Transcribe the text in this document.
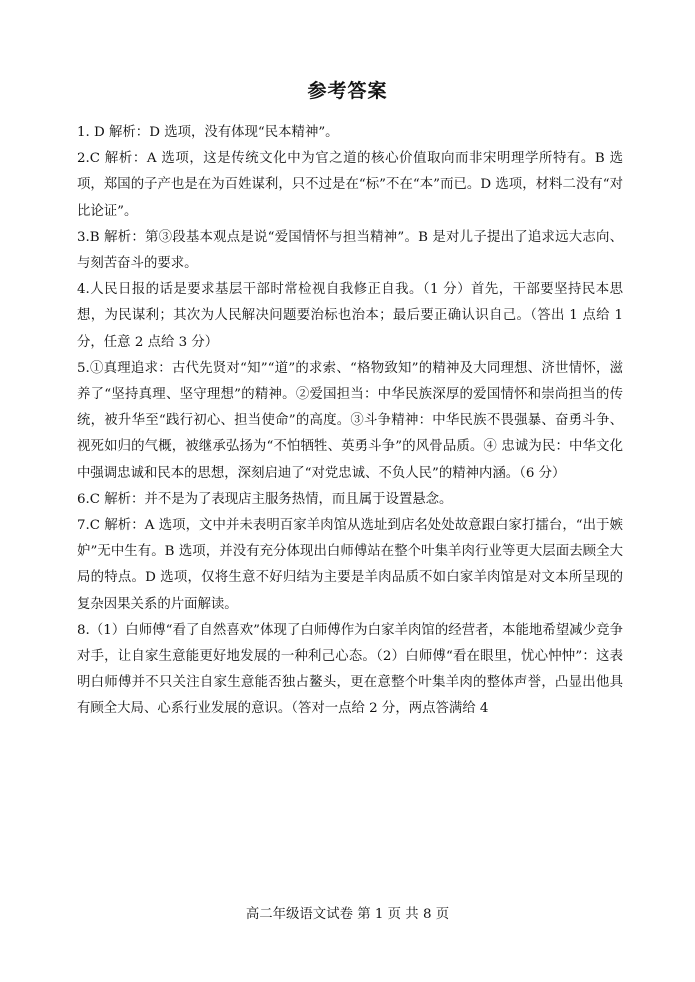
参考答案

1. D 解析：D 选项，没有体现“民本精神”。

2.C 解析：A 选项，这是传统文化中为官之道的核心价值取向而非宋明理学所特有。B 选项，郑国的子产也是在为百姓谋利，只不过是在“标”不在“本”而已。D 选项，材料二没有“对比论证”。

3.B 解析：第③段基本观点是说“爱国情怀与担当精神”。B 是对儿子提出了追求远大志向、与刻苦奋斗的要求。

4.人民日报的话是要求基层干部时常检视自我修正自我。（1 分）首先，干部要坚持民本思想，为民谋利；其次为人民解决问题要治标也治本；最后要正确认识自己。（答出 1 点给 1 分，任意 2 点给 3 分）

5.①真理追求：古代先贤对“知”“道”的求索、“格物致知”的精神及大同理想、济世情怀，滋养了“坚持真理、坚守理想”的精神。②爱国担当：中华民族深厚的爱国情怀和崇尚担当的传统，被升华至“践行初心、担当使命”的高度。③斗争精神：中华民族不畏强暴、奋勇斗争、视死如归的气概，被继承弘扬为“不怕牺牲、英勇斗争”的风骨品质。④ 忠诚为民：中华文化中强调忠诚和民本的思想，深刻启迪了“对党忠诚、不负人民”的精神内涵。（6 分）

6.C 解析：并不是为了表现店主服务热情，而且属于设置悬念。

7.C 解析：A 选项，文中并未表明百家羊肉馆从选址到店名处处故意跟白家打擂台，“出于嫉妒”无中生有。B 选项，并没有充分体现出白师傅站在整个叶集羊肉行业等更大层面去顾全大局的特点。D 选项，仅将生意不好归结为主要是羊肉品质不如白家羊肉馆是对文本所呈现的复杂因果关系的片面解读。

8.（1）白师傅“看了自然喜欢”体现了白师傅作为白家羊肉馆的经营者，本能地希望减少竞争对手，让自家生意能更好地发展的一种利己心态。（2）白师傅“看在眼里，忧心忡忡”：这表明白师傅并不只关注自家生意能否独占鳌头，更在意整个叶集羊肉的整体声誉，凸显出他具有顾全大局、心系行业发展的意识。（答对一点给 2 分，两点答满给 4

高二年级语文试卷 第 1 页 共 8 页
